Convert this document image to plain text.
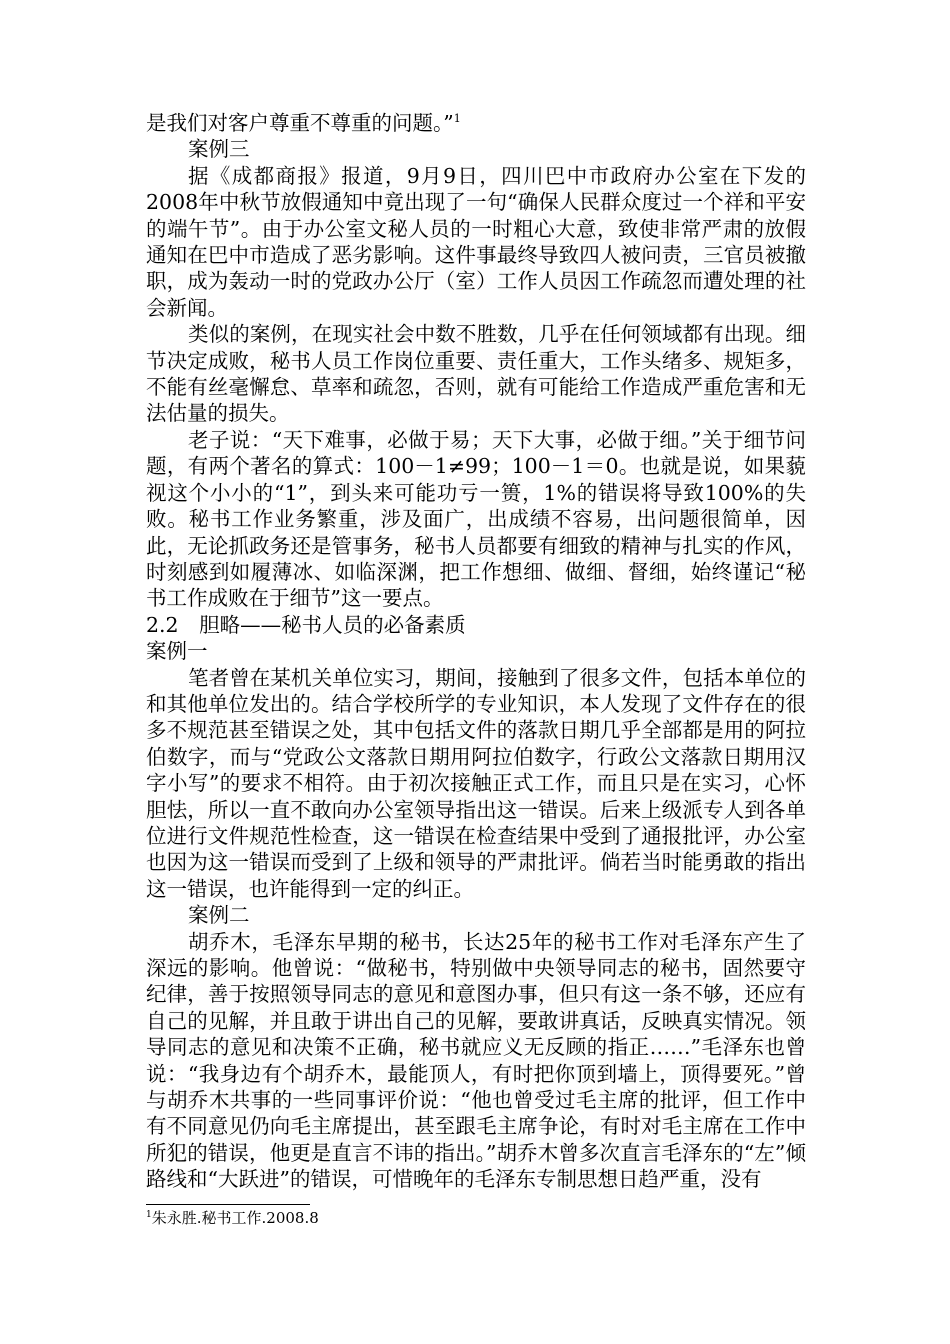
是我们对客户尊重不尊重的问题。”$^1$

案例三

据《成都商报》报道，9月9日，四川巴中市政府办公室在下发的2008年中秋节放假通知中竟出现了一句“确保人民群众度过一个祥和平安的端午节”。由于办公室文秘人员的一时粗心大意，致使非常严肃的放假通知在巴中市造成了恶劣影响。这件事最终导致四人被问责，三官员被撤职，成为轰动一时的党政办公厅（室）工作人员因工作疏忽而遭处理的社会新闻。

类似的案例，在现实社会中数不胜数，几乎在任何领域都有出现。细节决定成败，秘书人员工作岗位重要、责任重大，工作头绪多、规矩多，不能有丝毫懈怠、草率和疏忽，否则，就有可能给工作造成严重危害和无法估量的损失。

老子说：“天下难事，必做于易；天下大事，必做于细。”关于细节问题，有两个著名的算式：100－1≠99；100－1＝0。也就是说，如果藐视这个小小的“1”，到头来可能功亏一篑，1%的错误将导致100%的失败。秘书工作业务繁重，涉及面广，出成绩不容易，出问题很简单，因此，无论抓政务还是管事务，秘书人员都要有细致的精神与扎实的作风，时刻感到如履薄冰、如临深渊，把工作想细、做细、督细，始终谨记“秘书工作成败在于细节”这一要点。

2.2　胆略——秘书人员的必备素质

案例一

笔者曾在某机关单位实习，期间，接触到了很多文件，包括本单位的和其他单位发出的。结合学校所学的专业知识，本人发现了文件存在的很多不规范甚至错误之处，其中包括文件的落款日期几乎全部都是用的阿拉伯数字，而与“党政公文落款日期用阿拉伯数字，行政公文落款日期用汉字小写”的要求不相符。由于初次接触正式工作，而且只是在实习，心怀胆怯，所以一直不敢向办公室领导指出这一错误。后来上级派专人到各单位进行文件规范性检查，这一错误在检查结果中受到了通报批评，办公室也因为这一错误而受到了上级和领导的严肃批评。倘若当时能勇敢的指出这一错误，也许能得到一定的纠正。

案例二

胡乔木，毛泽东早期的秘书，长达25年的秘书工作对毛泽东产生了深远的影响。他曾说：“做秘书，特别做中央领导同志的秘书，固然要守纪律，善于按照领导同志的意见和意图办事，但只有这一条不够，还应有自己的见解，并且敢于讲出自己的见解，要敢讲真话，反映真实情况。领导同志的意见和决策不正确，秘书就应义无反顾的指正……”毛泽东也曾说：“我身边有个胡乔木，最能顶人，有时把你顶到墙上，顶得要死。”曾与胡乔木共事的一些同事评价说：“他也曾受过毛主席的批评，但工作中有不同意见仍向毛主席提出，甚至跟毛主席争论，有时对毛主席在工作中所犯的错误，他更是直言不讳的指出。”胡乔木曾多次直言毛泽东的“左”倾路线和“大跃进”的错误，可惜晚年的毛泽东专制思想日趋严重，没有

$^1$朱永胜.秘书工作.2008.8
